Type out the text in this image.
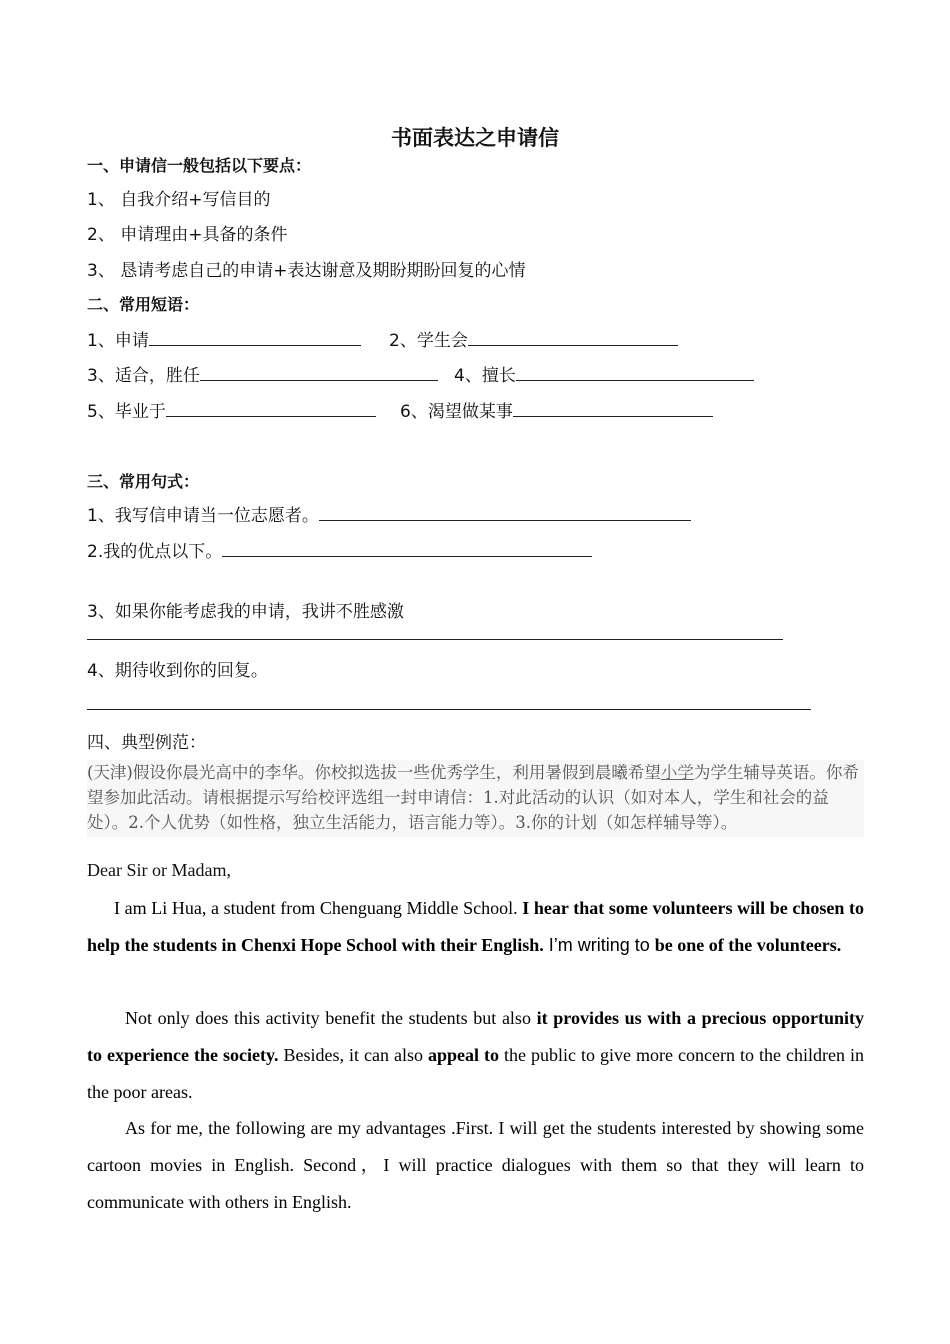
书面表达之申请信
一、申请信一般包括以下要点：
1、 自我介绍+写信目的
2、 申请理由+具备的条件
3、 恳请考虑自己的申请+表达谢意及期盼期盼回复的心情
二、常用短语：
1、申请	2、学生会
3、适合，胜任	4、擅长
5、毕业于	6、渴望做某事
三、常用句式：
1、我写信申请当一位志愿者。
2.我的优点以下。
3、如果你能考虑我的申请，我讲不胜感激
4、期待收到你的回复。
四、典型例范：
(天津)假设你晨光高中的李华。你校拟选拔一些优秀学生，利用暑假到晨曦希望小学为学生辅导英语。你希望参加此活动。请根据提示写给校评选组一封申请信：1.对此活动的认识（如对本人，学生和社会的益处）。2.个人优势（如性格，独立生活能力，语言能力等）。3.你的计划（如怎样辅导等）。
Dear Sir or Madam,
I am Li Hua, a student from Chenguang Middle School. I hear that some volunteers will be chosen to help the students in Chenxi Hope School with their English. I’m writing to be one of the volunteers.
Not only does this activity benefit the students but also it provides us with a precious opportunity to experience the society. Besides, it can also appeal to the public to give more concern to the children in the poor areas.
As for me, the following are my advantages .First. I will get the students interested by showing some cartoon movies in English. Second，I will practice dialogues with them so that they will learn to communicate with others in English.
